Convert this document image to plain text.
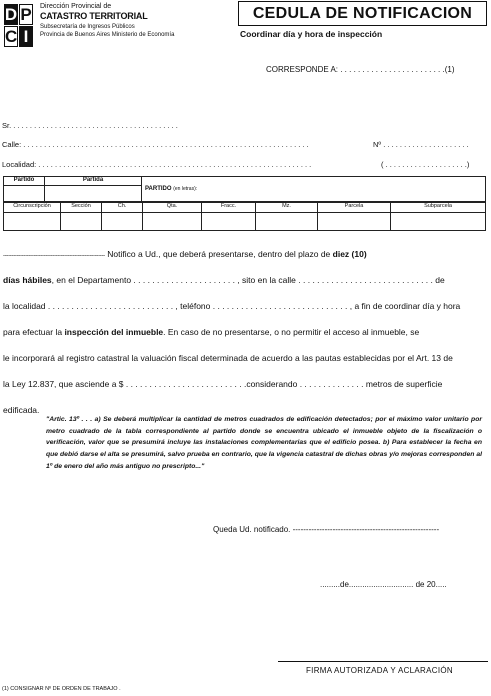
D P
C I
Dirección Provincial de
CATASTRO TERRITORIAL
Subsecretaría de Ingresos Públicos
Provincia de Buenos Aires Ministerio de Economía
CEDULA DE NOTIFICACION
Coordinar día y hora de inspección
CORRESPONDE A: . . . . . . . . . . . . . . . . . . . . . . . .(1)
Sr. . . . . . . . . . . . . . . . . . . . . . . . . . . . . . . . . . . . . . . . .
Calle: . . . . . . . . . . . . . . . . . . . . . . . . . . . . . . . . . . . . . . . . . . . . . . . . . . . . . . . . . . . . . . . . . . . . .	Nº . . . . . . . . . . . . . . . . . . . . .
Localidad: . . . . . . . . . . . . . . . . . . . . . . . . . . . . . . . . . . . . . . . . . . . . . . . . . . . . . . . . . . . . . . . . . .	( . . . . . . . . . . . . . . . . . . . .)
Partido	Partida	PARTIDO (en letras):

Circunscripción	Sección	Ch.	Qta.	Fracc.	Mz.	Parcela	Subparcela

------------------------------------------------------------ Notifico a Ud., que deberá presentarse, dentro del plazo de diez (10)
días hábiles, en el Departamento . . . . . . . . . . . . . . . . . . . . . . , sito en la calle . . . . . . . . . . . . . . . . . . . . . . . . . . . . . de
la localidad . . . . . . . . . . . . . . . . . . . . . . . . . . . , teléfono . . . . . . . . . . . . . . . . . . . . . . . . . . . . . , a fin de coordinar día y hora
para efectuar la inspección del inmueble. En caso de no presentarse, o no permitir el acceso al inmueble, se
le incorporará al registro catastral la valuación fiscal determinada de acuerdo a las pautas establecidas por el Art. 13 de
la Ley 12.837, que asciende a $ . . . . . . . . . . . . . . . . . . . . . . . . . .considerando . . . . . . . . . . . . . . metros de superficie
edificada.
"Artic. 13º . . . a) Se deberá multiplicar la cantidad de metros cuadrados de edificación detectados; por el máximo valor unitario por metro cuadrado de la tabla correspondiente al partido donde se encuentra ubicado el inmueble objeto de la fiscalización o verificación, valor que se presumirá incluye las instalaciones complementarias que el edificio posea. b) Para establecer la fecha en que debió darse el alta se presumirá, salvo prueba en contrario, que la vigencia catastral de dichas obras y/o mejoras corresponden al 1º de enero del año más antiguo no prescripto..."
Queda Ud. notificado. -------------------------------------------------------
.........de............................. de 20.....
FIRMA AUTORIZADA Y ACLARACIÓN
(1) CONSIGNAR Nº DE ORDEN DE TRABAJO .
